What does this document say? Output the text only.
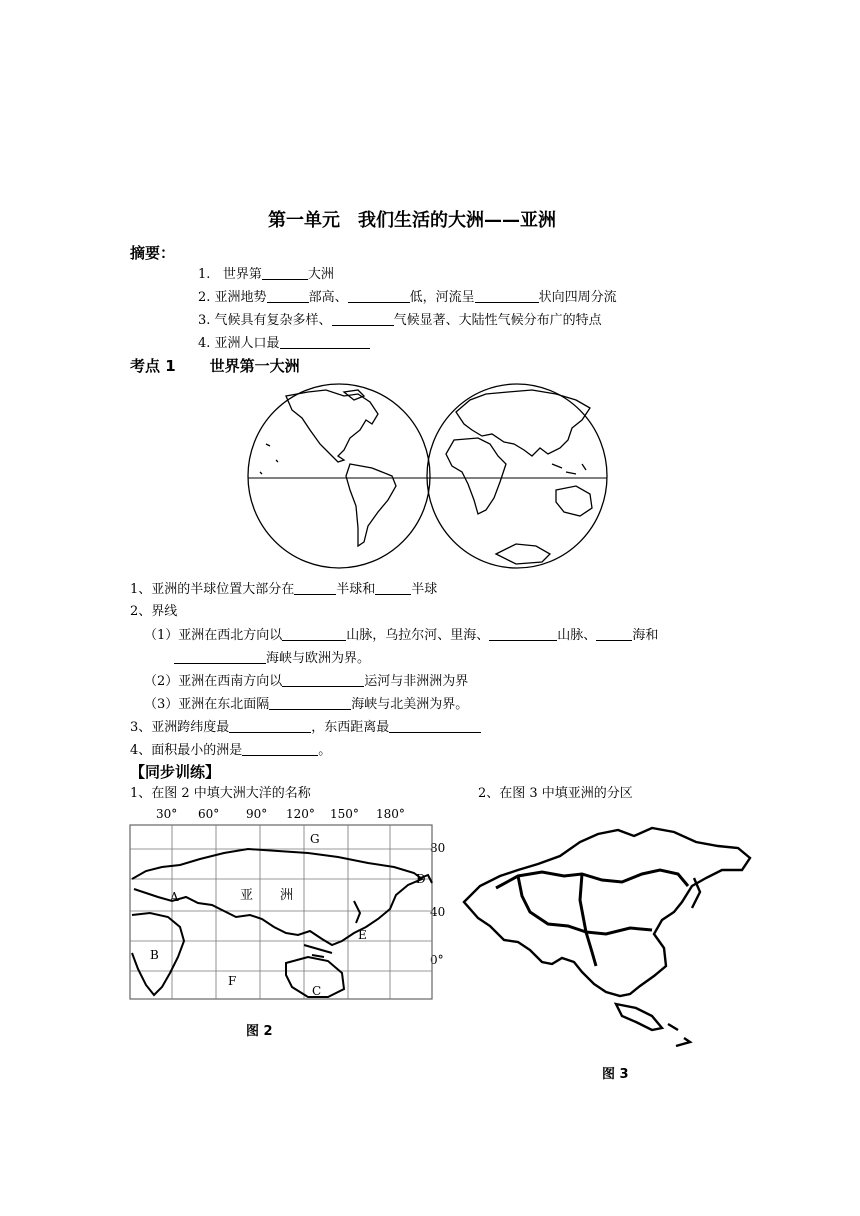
第一单元　我们生活的大洲——亚洲
摘要：
1. 世界第	大洲
2. 亚洲地势	部高、	低，河流呈	状向四周分流
3. 气候具有复杂多样、	气候显著、大陆性气候分布广的特点
4. 亚洲人口最
考点 1 世界第一大洲
1、亚洲的半球位置大部分在	半球和	半球
2、界线
（1）亚洲在西北方向以	山脉，乌拉尔河、里海、	山脉、	海和
海峡与欧洲为界。
（2）亚洲在西南方向以	运河与非洲洲为界
（3）亚洲在东北面隔	海峡与北美洲为界。
3、亚洲跨纬度最	，东西距离最
4、面积最小的洲是	。
【同步训练】
1、在图 2 中填大洲大洋的名称	2、在图 3 中填亚洲的分区
30° 60° 90° 120° 150° 180°
80
40
0°
A
B
C
D
E
F
G
亚 洲
图 2
图 3
